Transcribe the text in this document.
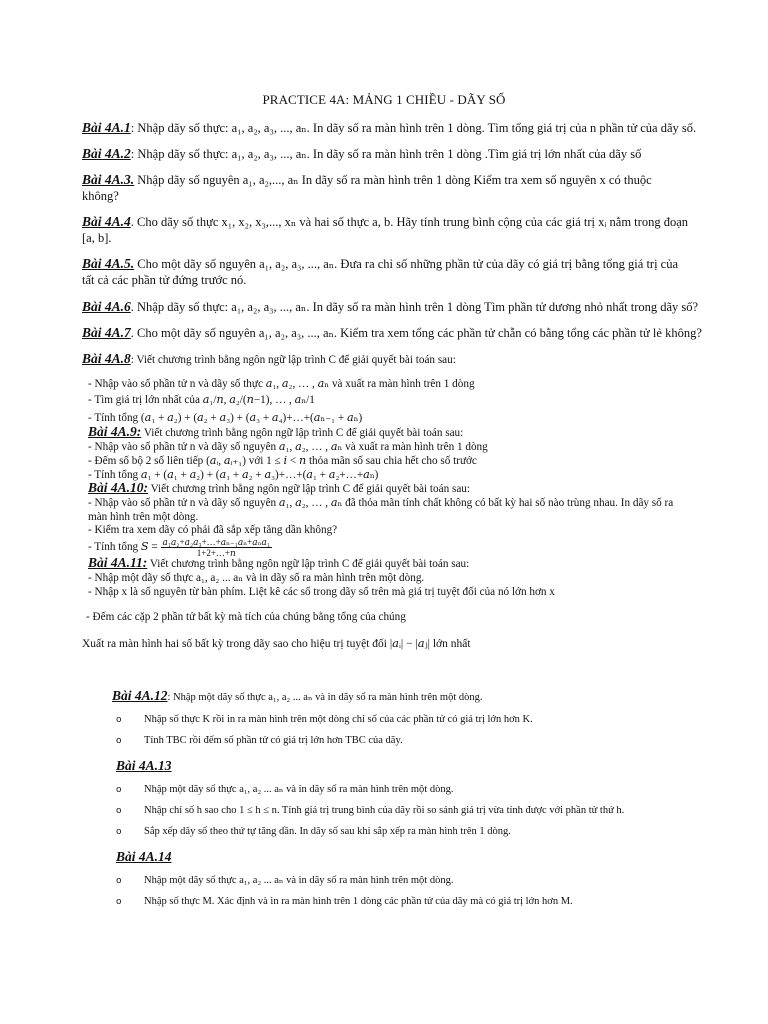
PRACTICE 4A: MẢNG 1 CHIỀU - DÃY SỐ
Bài 4A.1: Nhập dãy số thực: a₁, a₂, a₃, ..., aₙ. In dãy số ra màn hình trên 1 dòng. Tìm tổng giá trị của n phần tử của dãy số.
Bài 4A.2: Nhập dãy số thực: a₁, a₂, a₃, ..., aₙ. In dãy số ra màn hình trên 1 dòng .Tìm giá trị lớn nhất của dãy số
Bài 4A.3. Nhập dãy số nguyên a₁, a₂,..., aₙ In dãy số ra màn hình trên 1 dòng Kiểm tra xem số nguyên x có thuộc không?
Bài 4A.4. Cho dãy số thực x₁, x₂, x₃,..., xₙ và hai số thực a, b. Hãy tính trung bình cộng của các giá trị xᵢ nằm trong đoạn [a, b].
Bài 4A.5. Cho một dãy số nguyên a₁, a₂, a₃, ..., aₙ. Đưa ra chỉ số những phần tử của dãy có giá trị bằng tổng giá trị của tất cả các phần tử đứng trước nó.
Bài 4A.6. Nhập dãy số thực: a₁, a₂, a₃, ..., aₙ. In dãy số ra màn hình trên 1 dòng Tìm phần tử dương nhỏ nhất trong dãy số?
Bài 4A.7. Cho một dãy số nguyên a₁, a₂, a₃, ..., aₙ. Kiểm tra xem tổng các phần tử chẵn có bằng tổng các phần tử lẻ không?
Bài 4A.8: Viết chương trình bằng ngôn ngữ lập trình C để giải quyết bài toán sau:
- Nhập vào số phần tử n và dãy số thực 𝑎₁, 𝑎₂, … , 𝑎ₙ và xuất ra màn hình trên 1 dòng
- Tìm giá trị lớn nhất của 𝑎₁/𝑛, 𝑎₂/(𝑛−1), … , 𝑎ₙ/1
- Tính tổng (𝑎₁ + 𝑎₂) + (𝑎₂ + 𝑎₃) + (𝑎₃ + 𝑎₄)+…+(𝑎ₙ₋₁ + 𝑎ₙ)
Bài 4A.9: Viết chương trình bằng ngôn ngữ lập trình C để giải quyết bài toán sau:
- Nhập vào số phần tử n và dãy số nguyên 𝑎₁, 𝑎₂, … , 𝑎ₙ và xuất ra màn hình trên 1 dòng
- Đếm số bộ 2 số liên tiếp (𝑎ᵢ, 𝑎ᵢ₊₁) với 1 ≤ 𝑖 < 𝑛 thỏa mãn số sau chia hết cho số trước
- Tính tổng 𝑎₁ + (𝑎₁ + 𝑎₂) + (𝑎₁ + 𝑎₂ + 𝑎₃)+…+(𝑎₁ + 𝑎₂+…+𝑎ₙ)
Bài 4A.10: Viết chương trình bằng ngôn ngữ lập trình C để giải quyết bài toán sau:
- Nhập vào số phần tử n và dãy số nguyên 𝑎₁, 𝑎₂, … , 𝑎ₙ đã thỏa mãn tính chất không có bất kỳ hai số nào trùng nhau. In dãy số ra màn hình trên một dòng.
- Kiểm tra xem dãy có phải đã sắp xếp tăng dần không?
- Tính tổng 𝑆 = 𝑎₁𝑎₂+𝑎₂𝑎₃+…+𝑎ₙ₋₁𝑎ₙ+𝑎ₙ𝑎₁
1+2+…+𝑛
Bài 4A.11: Viết chương trình bằng ngôn ngữ lập trình C để giải quyết bài toán sau:
- Nhập một dãy số thực a₁, a₂ ... aₙ và in dãy số ra màn hình trên một dòng.
- Nhập x là số nguyên từ bàn phím. Liệt kê các số trong dãy số trên mà giá trị tuyệt đối của nó lớn hơn x
- Đếm các cặp 2 phần tử bất kỳ mà tích của chúng bằng tổng của chúng
Xuất ra màn hình hai số bất kỳ trong dãy sao cho hiệu trị tuyệt đối |𝑎ᵢ| − |𝑎ⱼ| lớn nhất
Bài 4A.12: Nhập một dãy số thực a₁, a₂ ... aₙ và in dãy số ra màn hình trên một dòng.
o Nhập số thực K rồi in ra màn hình trên một dòng chỉ số của các phần tử có giá trị lớn hơn K.
o Tính TBC rồi đếm số phần tử có giá trị lớn hơn TBC của dãy.
Bài 4A.13
o Nhập một dãy số thực a₁, a₂ ... aₙ và in dãy số ra màn hình trên một dòng.
o Nhập chỉ số h sao cho 1 ≤ h ≤ n. Tính giá trị trung bình của dãy rồi so sánh giá trị vừa tính được với phần tử thứ h.
o Sắp xếp dãy số theo thứ tự tăng dần. In dãy số sau khi sắp xếp ra màn hình trên 1 dòng.
Bài 4A.14
o Nhập một dãy số thực a₁, a₂ ... aₙ và in dãy số ra màn hình trên một dòng.
o Nhập số thực M. Xác định và in ra màn hình trên 1 dòng các phần tử của dãy mà có giá trị lớn hơn M.
